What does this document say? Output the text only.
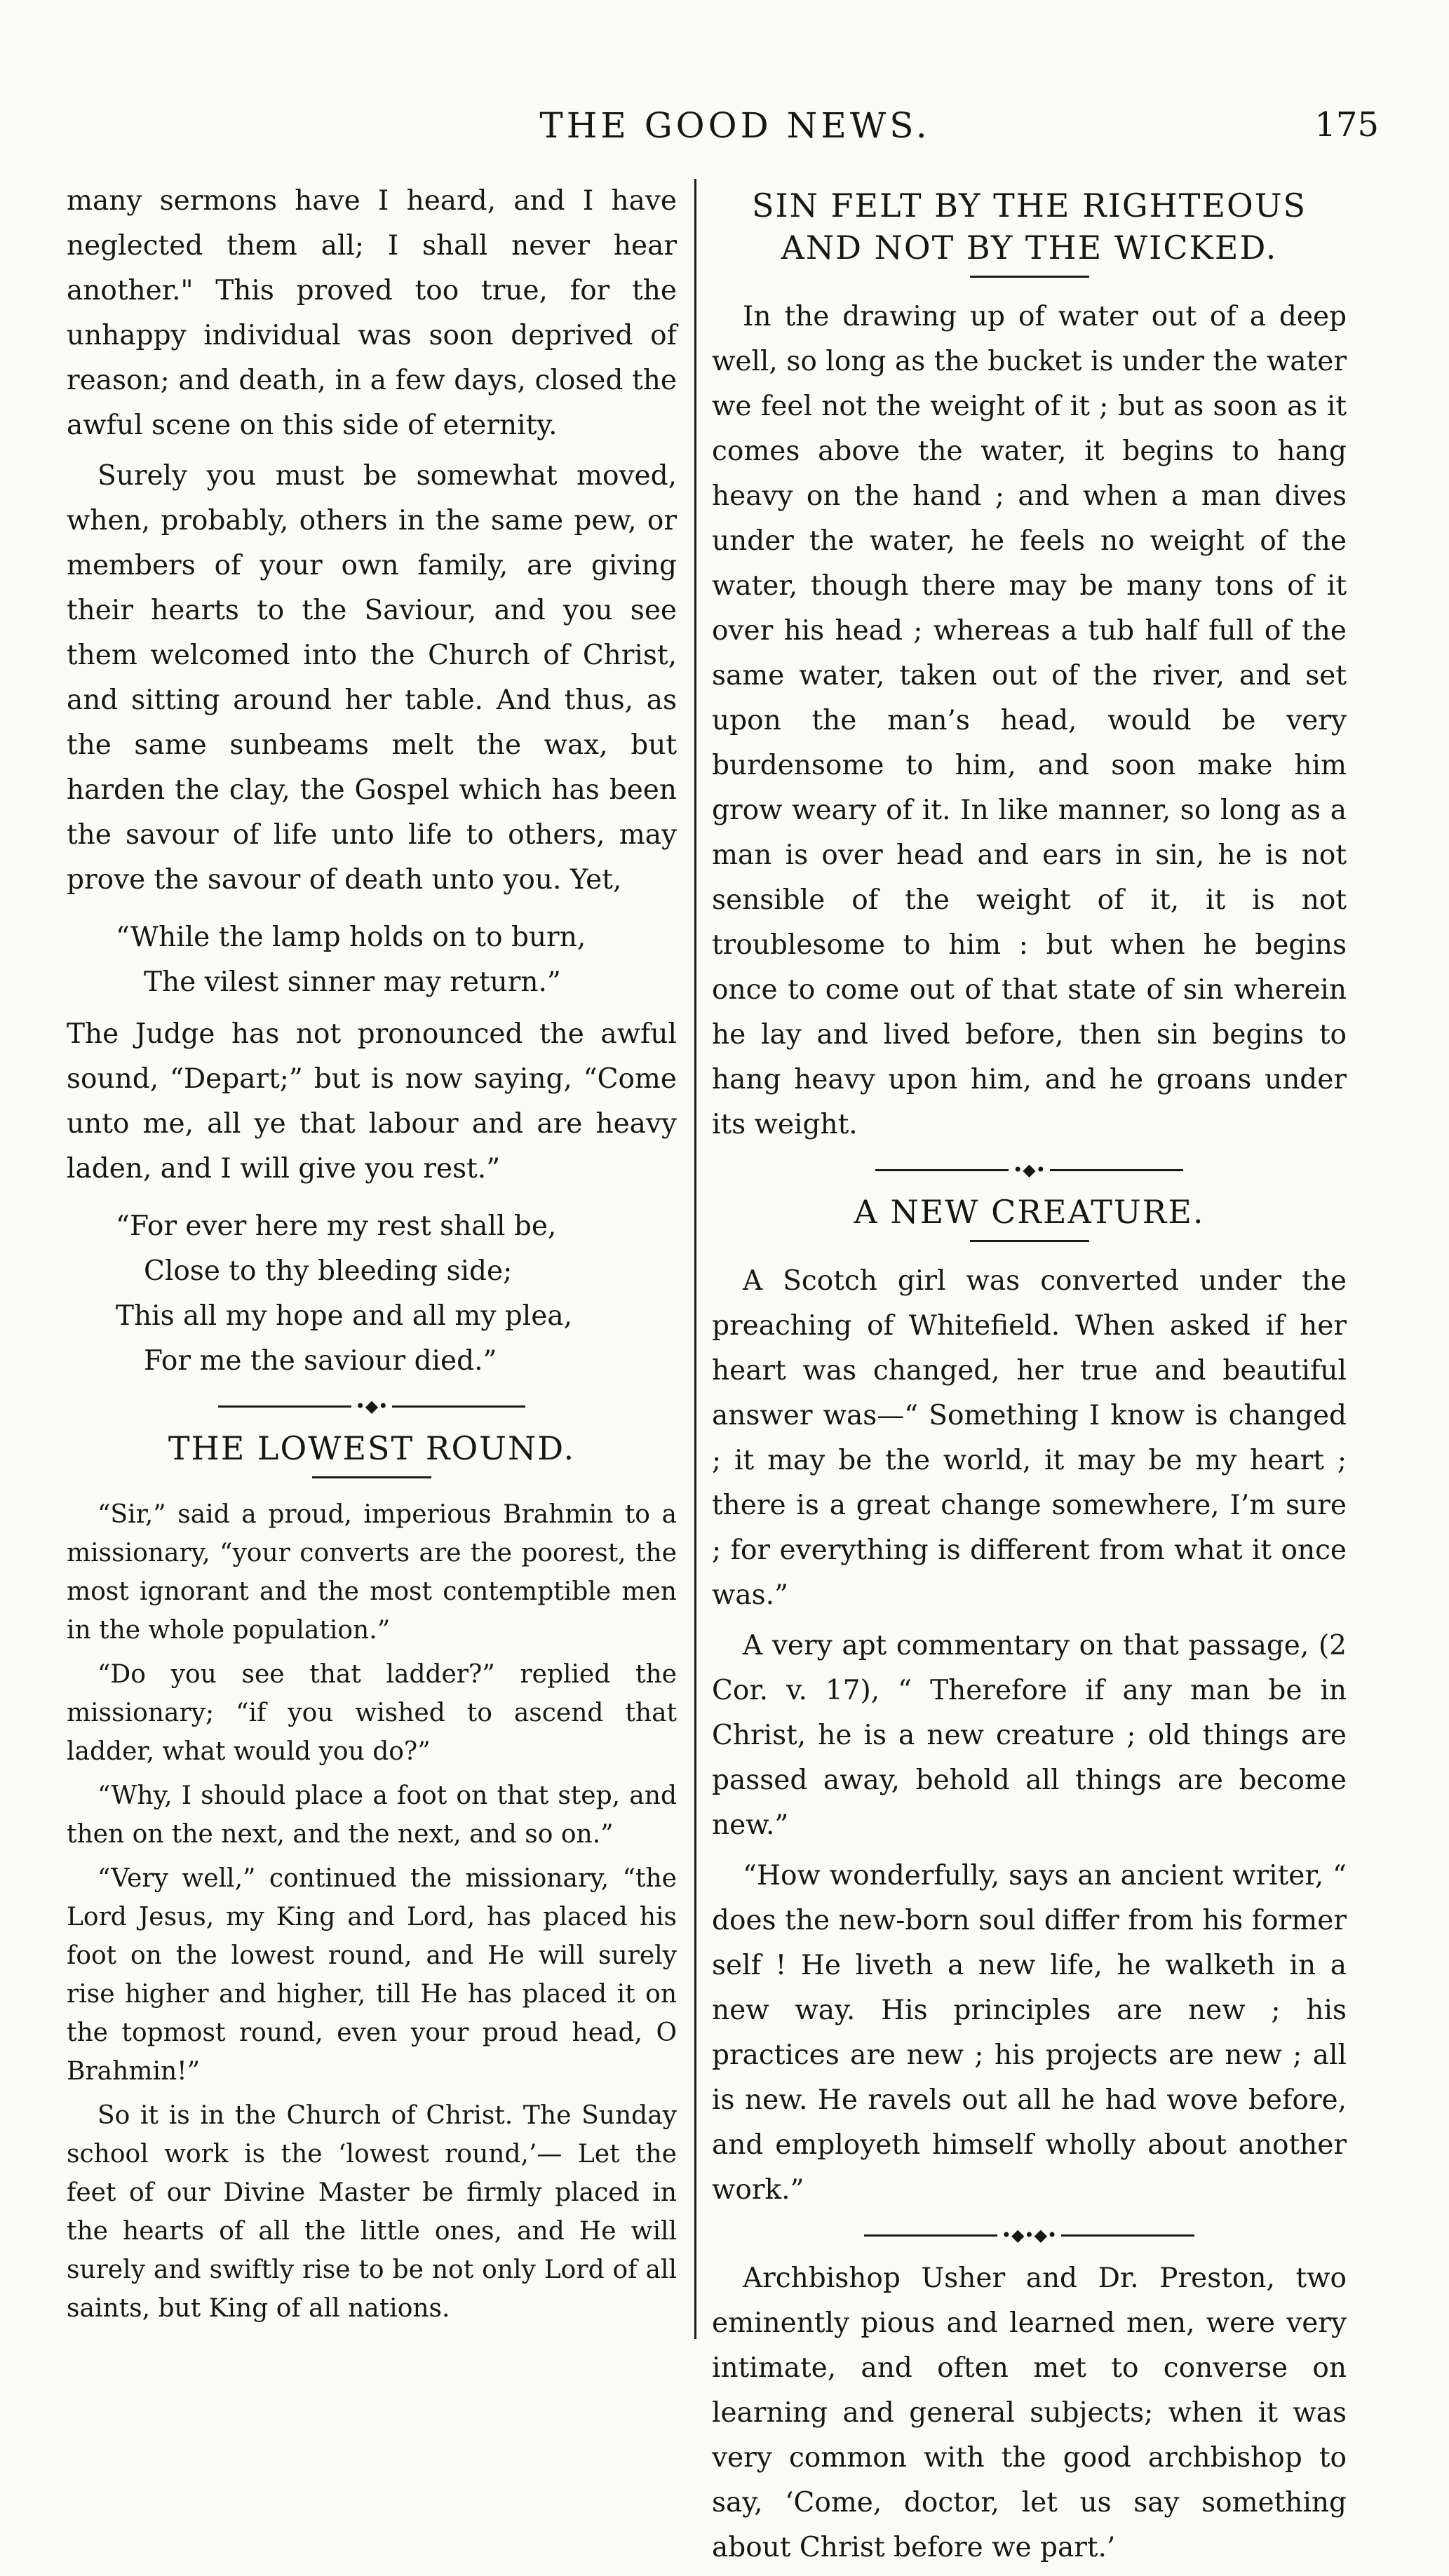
THE GOOD NEWS.	175

many sermons have I heard, and I have neglected them all; I shall never hear another." This proved too true, for the unhappy individual was soon deprived of reason; and death, in a few days, closed the awful scene on this side of eternity.

Surely you must be somewhat moved, when, probably, others in the same pew, or members of your own family, are giving their hearts to the Saviour, and you see them welcomed into the Church of Christ, and sitting around her table. And thus, as the same sunbeams melt the wax, but harden the clay, the Gospel which has been the savour of life unto life to others, may prove the savour of death unto you. Yet,

“While the lamp holds on to burn,
The vilest sinner may return.”

The Judge has not pronounced the awful sound, “Depart;” but is now saying, “Come unto me, all ye that labour and are heavy laden, and I will give you rest.”

“For ever here my rest shall be,
Close to thy bleeding side;
This all my hope and all my plea,
For me the saviour died.”
•◆•
THE LOWEST ROUND.

“Sir,” said a proud, imperious Brahmin to a missionary, “your converts are the poorest, the most ignorant and the most contemptible men in the whole population.”

“Do you see that ladder?” replied the missionary; “if you wished to ascend that ladder, what would you do?”

“Why, I should place a foot on that step, and then on the next, and the next, and so on.”

“Very well,” continued the missionary, “the Lord Jesus, my King and Lord, has placed his foot on the lowest round, and He will surely rise higher and higher, till He has placed it on the topmost round, even your proud head, O Brahmin!”

So it is in the Church of Christ. The Sunday school work is the ‘lowest round,’— Let the feet of our Divine Master be firmly placed in the hearts of all the little ones, and He will surely and swiftly rise to be not only Lord of all saints, but King of all nations.

SIN FELT BY THE RIGHTEOUS AND NOT BY THE WICKED.

In the drawing up of water out of a deep well, so long as the bucket is under the water we feel not the weight of it ; but as soon as it comes above the water, it begins to hang heavy on the hand ; and when a man dives under the water, he feels no weight of the water, though there may be many tons of it over his head ; whereas a tub half full of the same water, taken out of the river, and set upon the man’s head, would be very burdensome to him, and soon make him grow weary of it. In like manner, so long as a man is over head and ears in sin, he is not sensible of the weight of it, it is not troublesome to him : but when he begins once to come out of that state of sin wherein he lay and lived before, then sin begins to hang heavy upon him, and he groans under its weight.

•◆•
A NEW CREATURE.

A Scotch girl was converted under the preaching of Whitefield. When asked if her heart was changed, her true and beautiful answer was—“ Something I know is changed ; it may be the world, it may be my heart ; there is a great change somewhere, I’m sure ; for everything is different from what it once was.”

A very apt commentary on that passage, (2 Cor. v. 17), “ Therefore if any man be in Christ, he is a new creature ; old things are passed away, behold all things are become new.”

“How wonderfully, says an ancient writer, “ does the new-born soul differ from his former self ! He liveth a new life, he walketh in a new way. His principles are new ; his practices are new ; his projects are new ; all is new. He ravels out all he had wove before, and employeth himself wholly about another work.”

•◆•◆•

Archbishop Usher and Dr. Preston, two eminently pious and learned men, were very intimate, and often met to converse on learning and general subjects; when it was very common with the good archbishop to say, ‘Come, doctor, let us say something about Christ before we part.’
